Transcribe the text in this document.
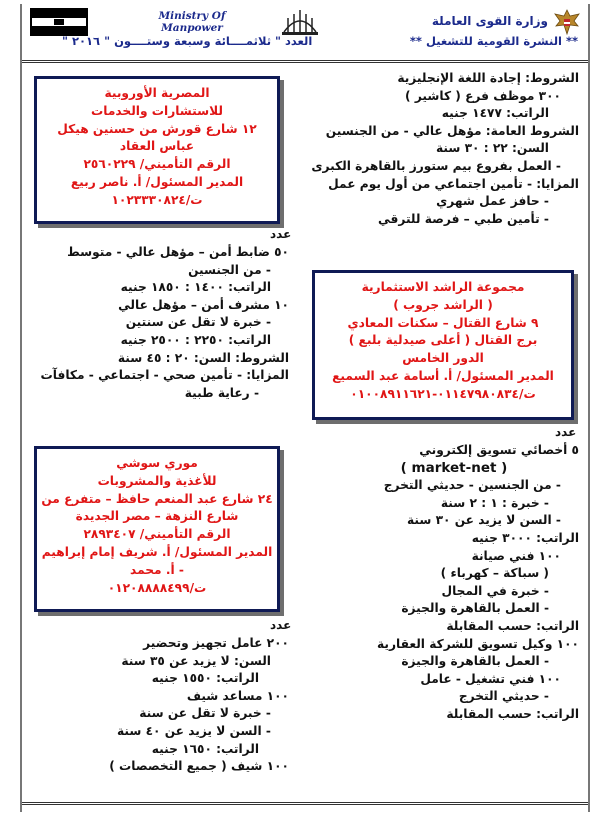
Ministry Of Manpower	وزارة القوى العاملة
** النشرة القومية للتشغيل **
العدد " ثلاثمــــائة وسبعة وستــــون " ٢٠١٦ "
الشروط: إجادة اللغة الإنجليزية
٣٠٠ موظف فرع ( كاشير )
الراتب: ١٤٧٧ جنيه
الشروط العامة: مؤهل عالي - من الجنسين
السن: ٢٢ : ٣٠ سنة
- العمل بفروع بيم ستورز بالقاهرة الكبرى
المزايا: - تأمين اجتماعي من أول يوم عمل
- حافز عمل شهري
- تأمين طبي – فرصة للترقي
المصرية الأوروبية
للاستشارات والخدمات
١٢ شارع قورش من حسنين هيكل
عباس العقاد
الرقم التأميني/ ٢٥٦٠٢٢٩
المدير المسئول/ أ. ناصر ربيع
ت/١٠٢٣٣٣٠٨٢٤
عدد
٥٠ ضابط أمن – مؤهل عالي - متوسط
- من الجنسين
الراتب: ١٤٠٠ : ١٨٥٠ جنيه
١٠ مشرف أمن – مؤهل عالي
- خبرة لا تقل عن سنتين
الراتب: ٢٢٥٠ : ٢٥٠٠ جنيه
الشروط: السن: ٢٠ : ٤٥ سنة
المزايا: - تأمين صحي - اجتماعي - مكافآت
- رعاية طبية
مجموعة الراشد الاستثمارية
( الراشد جروب )
٩ شارع القتال – سكنات المعادي
برج القتال ( أعلى صيدلية بلبع )
الدور الخامس
المدير المسئول/ أ. أسامة عبد السميع
ت/٠١١٤٧٩٨٠٨٣٤-٠١٠٠٨٩١١٦٢١
عدد
٥ أخصائي تسويق إلكتروني
( market-net )
- من الجنسين - حديثي التخرج
- خبرة : ١ : ٢ سنة
- السن لا يزيد عن ٣٠ سنة
الراتب: ٣٠٠٠ جنيه
١٠٠ فني صيانة
( سباكة – كهرباء )
- خبرة في المجال
- العمل بالقاهرة والجيزة
الراتب: حسب المقابلة
١٠٠ وكيل تسويق للشركة العقارية
- العمل بالقاهرة والجيزة
١٠٠ فني تشغيل - عامل
- حديثي التخرج
الراتب: حسب المقابلة
موري سوشي
للأغذية والمشروبات
٢٤ شارع عبد المنعم حافظ – متفرع من
شارع النزهة – مصر الجديدة
الرقم التأميني/ ٢٨٩٣٤٠٧
المدير المسئول/ أ. شريف إمام إبراهيم
- أ. محمد
ت/٠١٢٠٨٨٨٨٤٩٩
عدد
٢٠٠ عامل تجهيز وتحضير
السن: لا يزيد عن ٣٥ سنة
الراتب: ١٥٥٠ جنيه
١٠٠ مساعد شيف
- خبرة لا تقل عن سنة
- السن لا يزيد عن ٤٠ سنة
الراتب: ١٦٥٠ جنيه
١٠٠ شيف ( جميع التخصصات )
